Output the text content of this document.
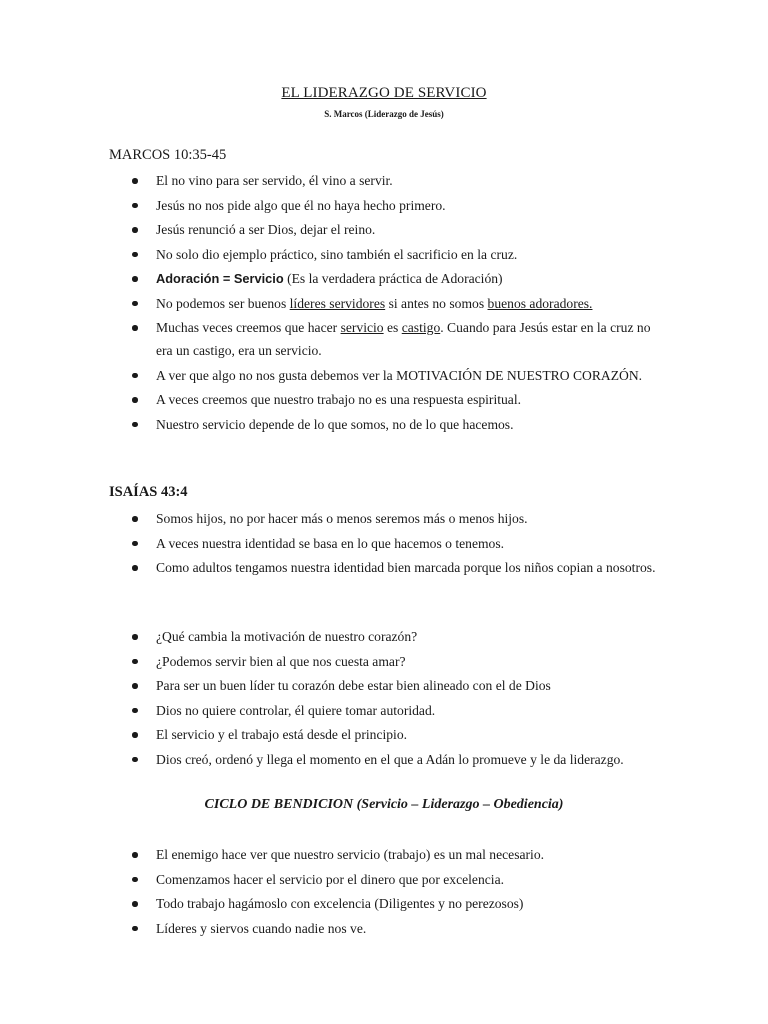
EL LIDERAZGO DE SERVICIO
S. Marcos (Liderazgo de Jesús)
MARCOS 10:35-45
El no vino para ser servido, él vino a servir.
Jesús no nos pide algo que él no haya hecho primero.
Jesús renunció a ser Dios, dejar el reino.
No solo dio ejemplo práctico, sino también el sacrificio en la cruz.
Adoración = Servicio (Es la verdadera práctica de Adoración)
No podemos ser buenos líderes servidores si antes no somos buenos adoradores.
Muchas veces creemos que hacer servicio es castigo. Cuando para Jesús estar en la cruz no era un castigo, era un servicio.
A ver que algo no nos gusta debemos ver la MOTIVACIÓN DE NUESTRO CORAZÓN.
A veces creemos que nuestro trabajo no es una respuesta espiritual.
Nuestro servicio depende de lo que somos, no de lo que hacemos.
ISAÍAS 43:4
Somos hijos, no por hacer más o menos seremos más o menos hijos.
A veces nuestra identidad se basa en lo que hacemos o tenemos.
Como adultos tengamos nuestra identidad bien marcada porque los niños copian a nosotros.
¿Qué cambia la motivación de nuestro corazón?
¿Podemos servir bien al que nos cuesta amar?
Para ser un buen líder tu corazón debe estar bien alineado con el de Dios
Dios no quiere controlar, él quiere tomar autoridad.
El servicio y el trabajo está desde el principio.
Dios creó, ordenó y llega el momento en el que a Adán lo promueve y le da liderazgo.
CICLO DE BENDICION (Servicio – Liderazgo – Obediencia)
El enemigo hace ver que nuestro servicio (trabajo) es un mal necesario.
Comenzamos hacer el servicio por el dinero que por excelencia.
Todo trabajo hagámoslo con excelencia (Diligentes y no perezosos)
Líderes y siervos cuando nadie nos ve.
